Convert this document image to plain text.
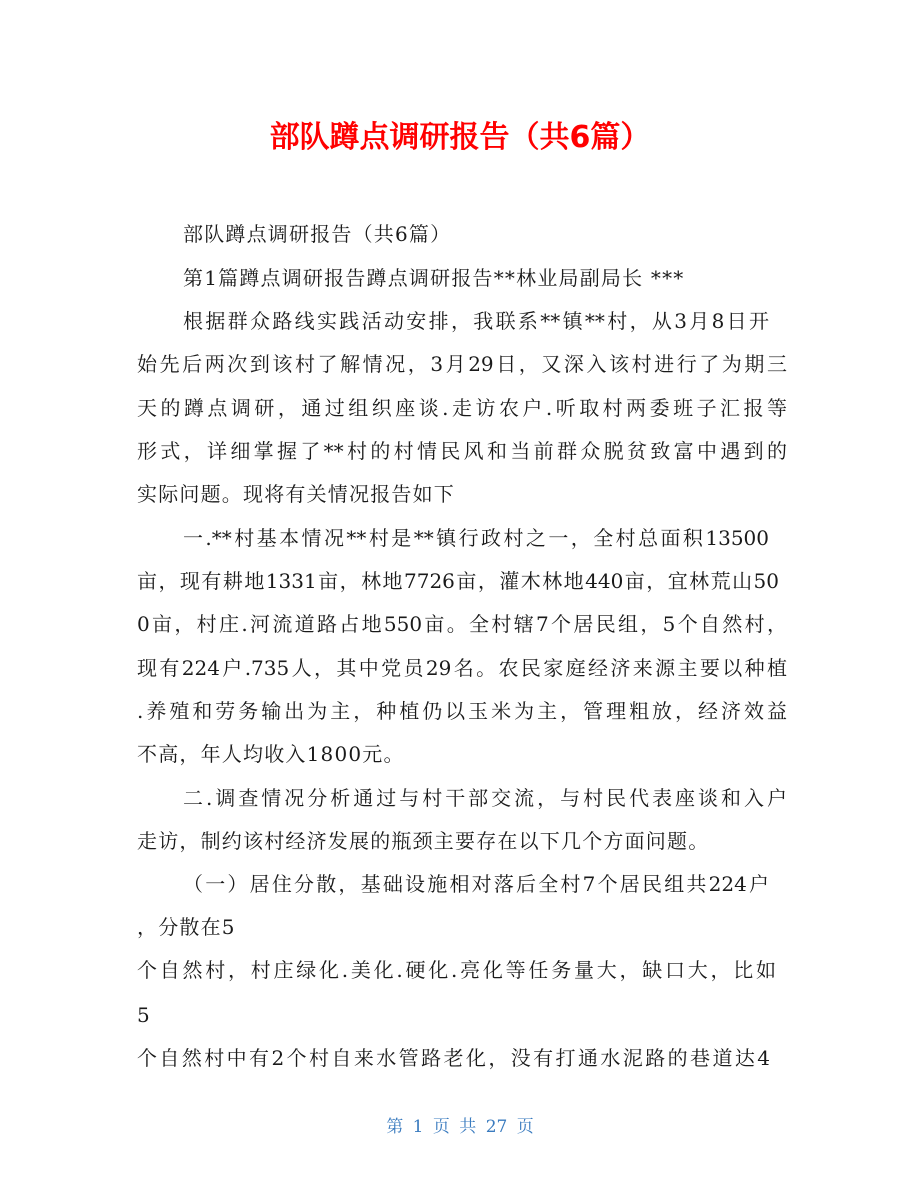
部队蹲点调研报告（共6篇）

部队蹲点调研报告（共6篇）

第1篇蹲点调研报告蹲点调研报告**林业局副局长 ***

根据群众路线实践活动安排，我联系**镇**村，从3月8日开

始先后两次到该村了解情况，3月29日，又深入该村进行了为期三

天的蹲点调研，通过组织座谈.走访农户.听取村两委班子汇报等

形式，详细掌握了**村的村情民风和当前群众脱贫致富中遇到的

实际问题。现将有关情况报告如下

一.**村基本情况**村是**镇行政村之一，全村总面积13500

亩，现有耕地1331亩，林地7726亩，灌木林地440亩，宜林荒山50

0亩，村庄.河流道路占地550亩。全村辖7个居民组，5个自然村，

现有224户.735人，其中党员29名。农民家庭经济来源主要以种植

.养殖和劳务输出为主，种植仍以玉米为主，管理粗放，经济效益

不高，年人均收入1800元。

二.调查情况分析通过与村干部交流，与村民代表座谈和入户

走访，制约该村经济发展的瓶颈主要存在以下几个方面问题。

（一）居住分散，基础设施相对落后全村7个居民组共224户

，分散在5

个自然村，村庄绿化.美化.硬化.亮化等任务量大，缺口大，比如

5

个自然村中有2个村自来水管路老化，没有打通水泥路的巷道达4

第 1 页 共 27 页
